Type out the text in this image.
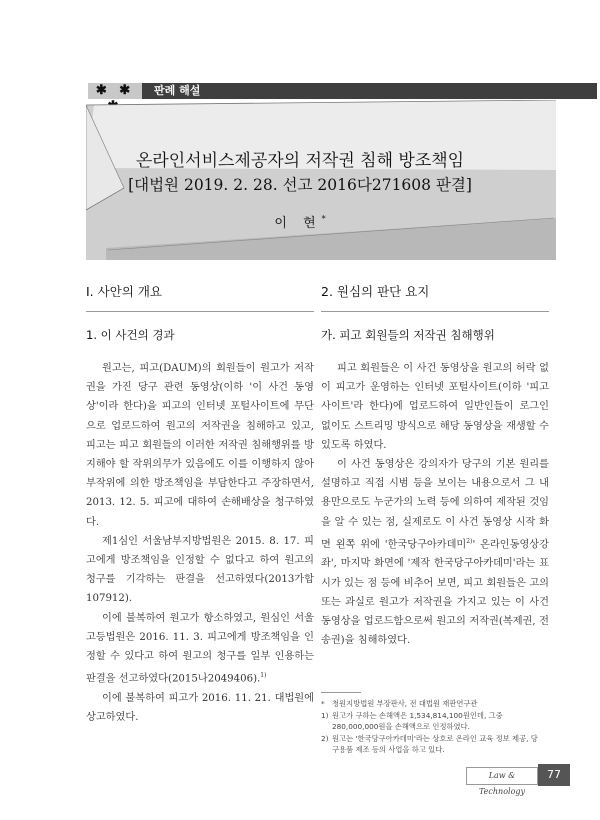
✱ ✱	판례 해설
온라인서비스제공자의 저작권 침해 방조책임
[대법원 2019. 2. 28. 선고 2016다271608 판결]
이 현*
I. 사안의 개요
1. 이 사건의 경과

원고는, 피고(DAUM)의 회원들이 원고가 저작권을 가진 당구 관련 동영상(이하 '이 사건 동영상'이라 한다)을 피고의 인터넷 포털사이트에 무단으로 업로드하여 원고의 저작권을 침해하고 있고, 피고는 피고 회원들의 이러한 저작권 침해행위를 방지해야 할 작위의무가 있음에도 이를 이행하지 않아 부작위에 의한 방조책임을 부담한다고 주장하면서, 2013. 12. 5. 피고에 대하여 손해배상을 청구하였다.

제1심인 서울남부지방법원은 2015. 8. 17. 피고에게 방조책임을 인정할 수 없다고 하여 원고의 청구를 기각하는 판결을 선고하였다(2013가합107912).

이에 불복하여 원고가 항소하였고, 원심인 서울고등법원은 2016. 11. 3. 피고에게 방조책임을 인정할 수 있다고 하여 원고의 청구를 일부 인용하는 판결을 선고하였다(2015나2049406).$^{1)}$

이에 불복하여 피고가 2016. 11. 21. 대법원에 상고하였다.

2. 원심의 판단 요지
가. 피고 회원들의 저작권 침해행위

피고 회원들은 이 사건 동영상을 원고의 허락 없이 피고가 운영하는 인터넷 포털사이트(이하 '피고 사이트'라 한다)에 업로드하여 일반인들이 로그인 없이도 스트리밍 방식으로 해당 동영상을 재생할 수 있도록 하였다.

이 사건 동영상은 강의자가 당구의 기본 원리를 설명하고 직접 시범 등을 보이는 내용으로서 그 내용만으로도 누군가의 노력 등에 의하여 제작된 것임을 알 수 있는 점, 실제로도 이 사건 동영상 시작 화면 왼쪽 위에 '한국당구아카데미$^{2)}$' 온라인동영상강좌', 마지막 화면에 '제작 한국당구아카데미'라는 표시가 있는 점 등에 비추어 보면, 피고 회원들은 고의 또는 과실로 원고가 저작권을 가지고 있는 이 사건 동영상을 업로드함으로써 원고의 저작권(복제권, 전송권)을 침해하였다.

*	청원지방법원 부장판사, 전 대법원 재판연구관
1) 원고가 구하는 손해액은 1,534,814,100원인데, 그중 280,000,000원을 손해액으로 인정하였다.
2) 원고는 '한국당구아카데미'라는 상호로 온라인 교육 정보 제공, 당구용품 제조 등의 사업을 하고 있다.
Law & Technology
77
